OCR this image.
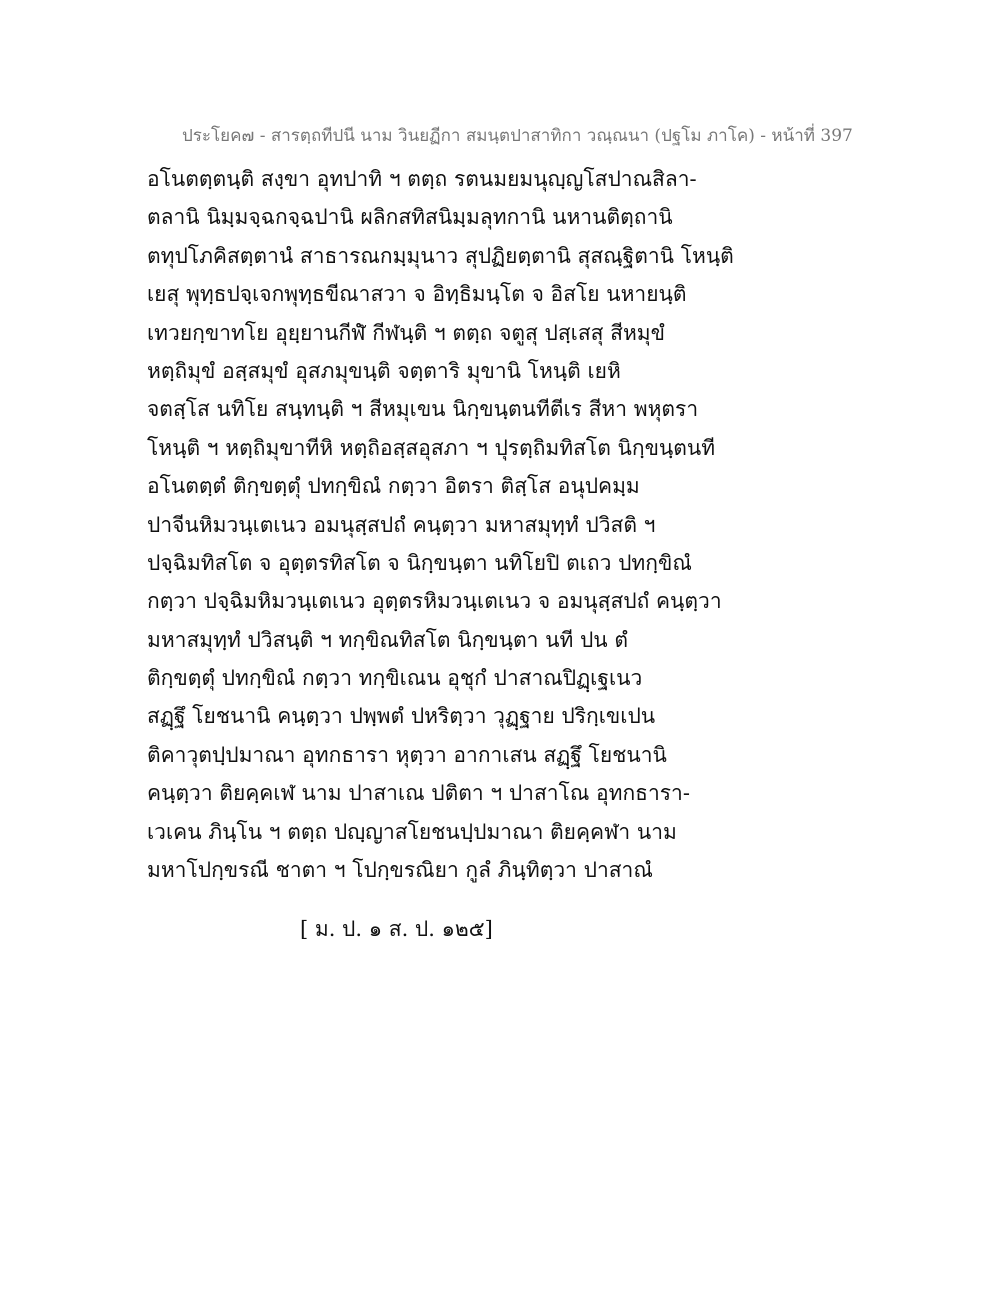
ประโยค๗ - สารตฺถทีปนี นาม วินยฏีกา สมนฺตปาสาทิกา วณฺณนา (ปฐโม ภาโค) - หน้าที่ 397
อโนตตฺตนฺติ สงฺขา อุทปาทิ ฯ ตตฺถ รตนมยมนุญฺญโสปาณสิลา-
ตลานิ นิมฺมจฺฉกจฺฉปานิ ผลิกสทิสนิมฺมลุทกานิ นหานติตฺถานิ
ตทุปโภคิสตฺตานํ สาธารณกมฺมุนาว สุปฏิยตฺตานิ สุสณฺฐิตานิ โหนฺติ
เยสุ พุทฺธปจฺเจกพุทฺธขีณาสวา จ อิทฺธิมนฺโต จ อิสโย นหายนฺติ
เทวยกฺขาทโย อุยฺยานกีฬํ กีฬนฺติ ฯ ตตฺถ จตูสุ ปสฺเสสุ สีหมุขํ
หตฺถิมุขํ อสฺสมุขํ อุสภมุขนฺติ จตฺตาริ มุขานิ โหนฺติ เยหิ
จตสฺโส นทิโย สนฺทนฺติ ฯ สีหมุเขน นิกฺขนฺตนทีตีเร สีหา พหุตรา
โหนฺติ ฯ หตฺถิมุขาทีหิ หตฺถิอสฺสอุสภา ฯ ปุรตฺถิมทิสโต นิกฺขนฺตนที
อโนตตฺตํ ติกฺขตฺตุํ ปทกฺขิณํ กตฺวา อิตรา ติสฺโส อนุปคมฺม
ปาจีนหิมวนฺเตเนว อมนุสฺสปถํ คนฺตฺวา มหาสมุทฺทํ ปวิสติ ฯ
ปจฺฉิมทิสโต จ อุตฺตรทิสโต จ นิกฺขนฺตา นทิโยปิ ตเถว ปทกฺขิณํ
กตฺวา ปจฺฉิมหิมวนฺเตเนว อุตฺตรหิมวนฺเตเนว จ อมนุสฺสปถํ คนฺตฺวา
มหาสมุทฺทํ ปวิสนฺติ ฯ ทกฺขิณทิสโต นิกฺขนฺตา นที ปน ตํ
ติกฺขตฺตุํ ปทกฺขิณํ กตฺวา ทกฺขิเณน อุชุกํ ปาสาณปิฏฺเฐเนว
สฏฺฐึ โยชนานิ คนฺตฺวา ปพฺพตํ ปหริตฺวา วุฏฺฐาย ปริกฺเขเปน
ติคาวุตปฺปมาณา อุทกธารา หุตฺวา อากาเสน สฏฺฐึ โยชนานิ
คนฺตฺวา ติยคฺคเฬ นาม ปาสาเณ ปติตา ฯ ปาสาโณ อุทกธารา-
เวเคน ภินฺโน ฯ ตตฺถ ปญฺญาสโยชนปฺปมาณา ติยคฺคฬา นาม
มหาโปกฺขรณี ชาตา ฯ โปกฺขรณิยา กูลํ ภินฺทิตฺวา ปาสาณํ
[ ม. ป. ๑ ส. ป. ๑๒๕]
